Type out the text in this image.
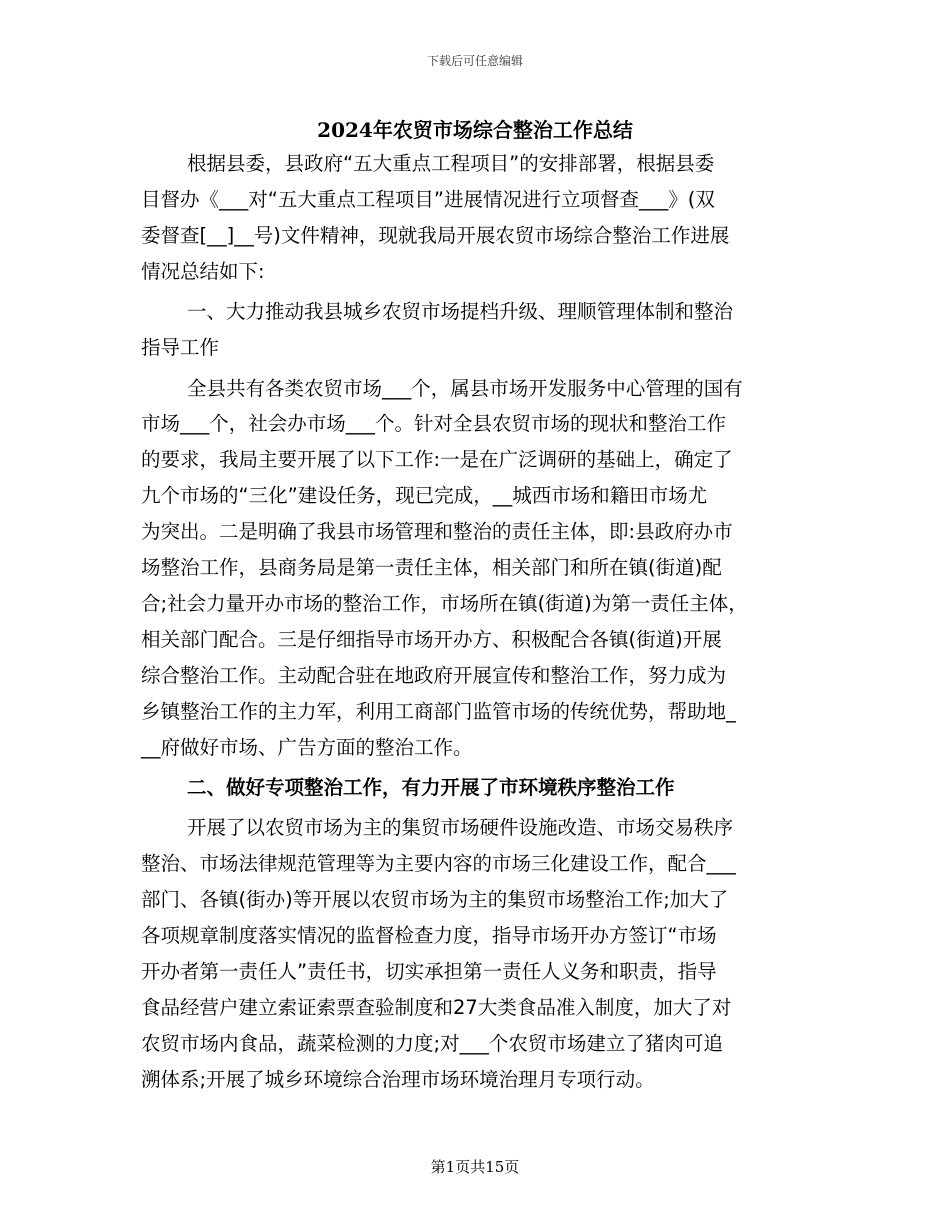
下载后可任意编辑
2024年农贸市场综合整治工作总结
根据县委，县政府“五大重点工程项目”的安排部署，根据县委
目督办《___对“五大重点工程项目”进展情况进行立项督查___》(双
委督查[__]__号)文件精神，现就我局开展农贸市场综合整治工作进展
情况总结如下:
一、大力推动我县城乡农贸市场提档升级、理顺管理体制和整治
指导工作
全县共有各类农贸市场___个，属县市场开发服务中心管理的国有
市场___个，社会办市场___个。针对全县农贸市场的现状和整治工作
的要求，我局主要开展了以下工作:一是在广泛调研的基础上，确定了
九个市场的“三化”建设任务，现已完成，__城西市场和籍田市场尤
为突出。二是明确了我县市场管理和整治的责任主体，即:县政府办市
场整治工作，县商务局是第一责任主体，相关部门和所在镇(街道)配
合;社会力量开办市场的整治工作，市场所在镇(街道)为第一责任主体，
相关部门配合。三是仔细指导市场开办方、积极配合各镇(街道)开展
综合整治工作。主动配合驻在地政府开展宣传和整治工作，努力成为
乡镇整治工作的主力军，利用工商部门监管市场的传统优势，帮助地_
__府做好市场、广告方面的整治工作。
二、做好专项整治工作，有力开展了市环境秩序整治工作
开展了以农贸市场为主的集贸市场硬件设施改造、市场交易秩序
整治、市场法律规范管理等为主要内容的市场三化建设工作，配合___
部门、各镇(街办)等开展以农贸市场为主的集贸市场整治工作;加大了
各项规章制度落实情况的监督检查力度，指导市场开办方签订“市场
开办者第一责任人”责任书，切实承担第一责任人义务和职责，指导
食品经营户建立索证索票查验制度和27大类食品准入制度，加大了对
农贸市场内食品，蔬菜检测的力度;对___个农贸市场建立了猪肉可追
溯体系;开展了城乡环境综合治理市场环境治理月专项行动。
第1页共15页
